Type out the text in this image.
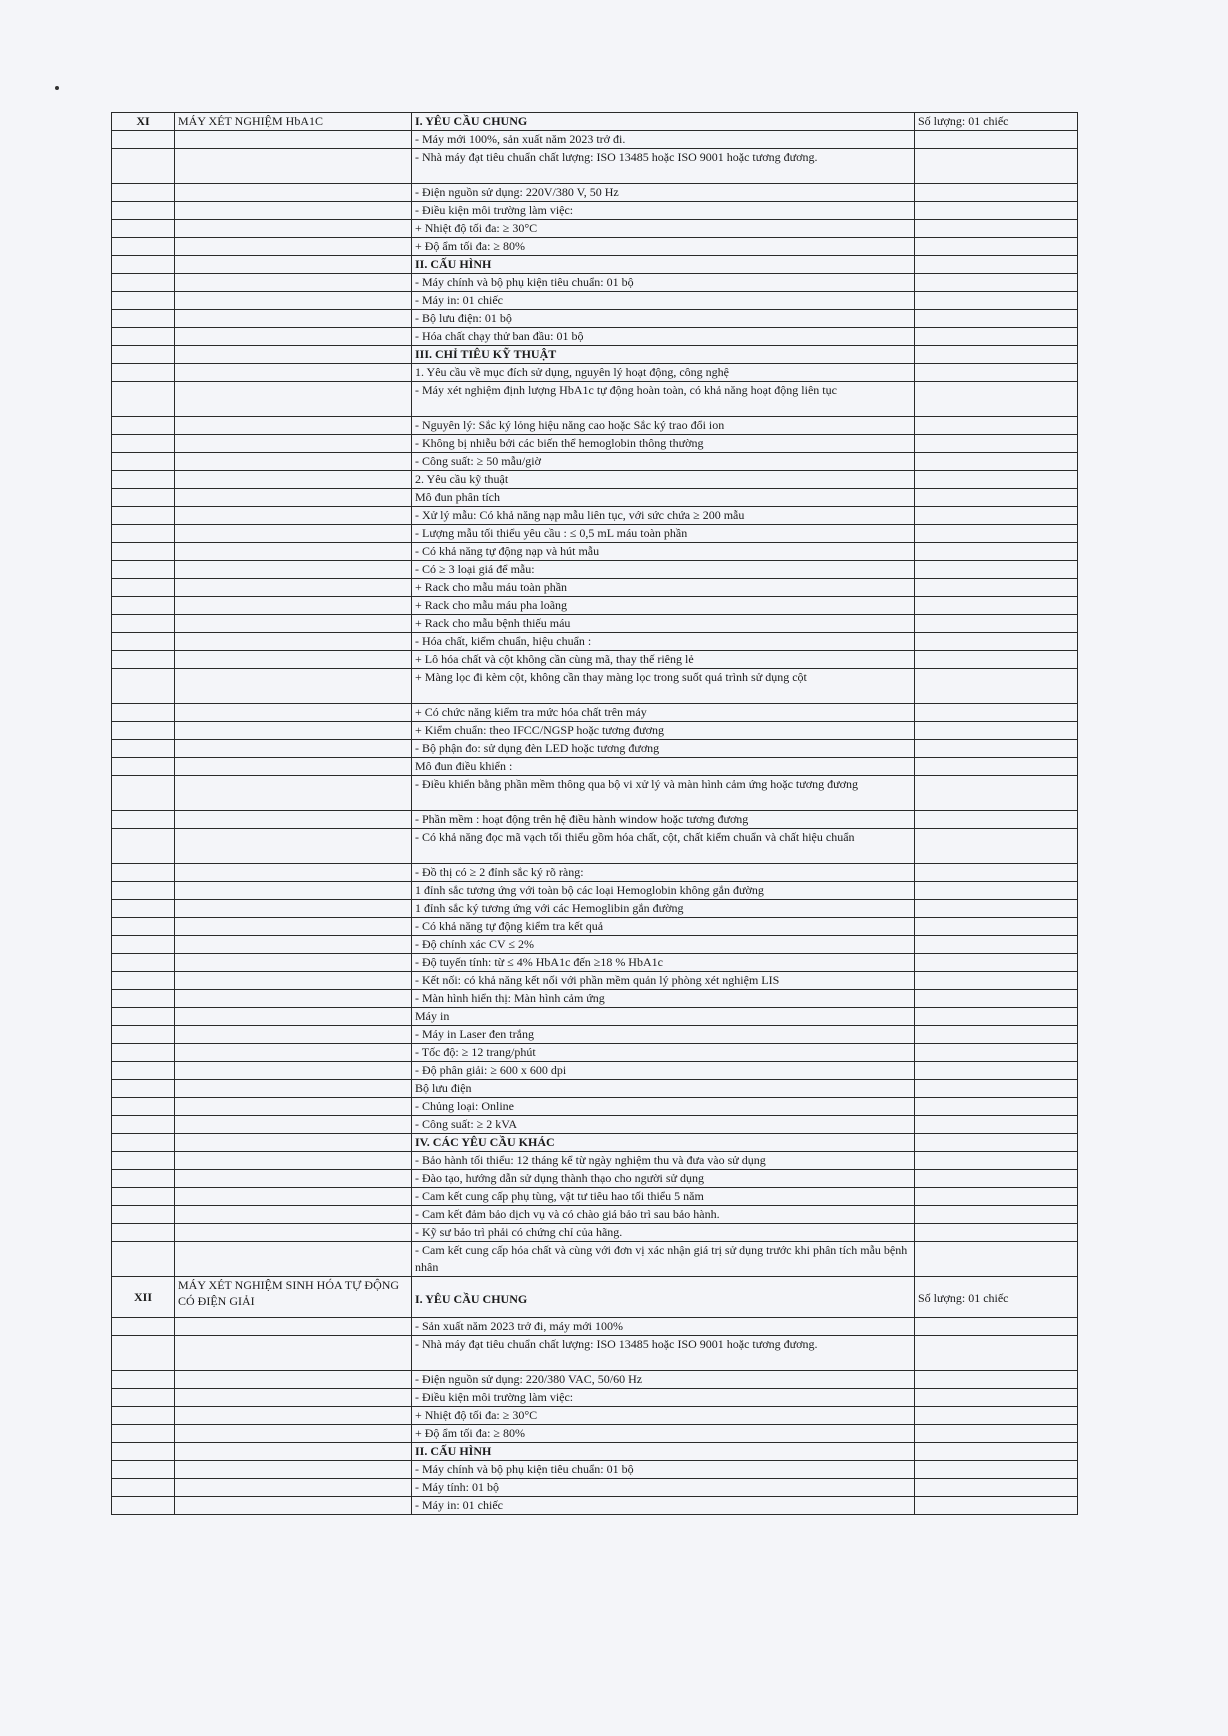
XI	MÁY XÉT NGHIỆM HbA1C	I. YÊU CẦU CHUNG	Số lượng: 01 chiếc
		- Máy mới 100%, sản xuất năm 2023 trở đi.	
		- Nhà máy đạt tiêu chuẩn chất lượng: ISO 13485 hoặc ISO 9001 hoặc tương đương.	
		- Điện nguồn sử dụng: 220V/380 V, 50 Hz	
		- Điều kiện môi trường làm việc:	
		+ Nhiệt độ tối đa: ≥ 30°C	
		+ Độ ẩm tối đa: ≥ 80%	
		II. CẤU HÌNH	
		- Máy chính và bộ phụ kiện tiêu chuẩn: 01 bộ	
		- Máy in: 01 chiếc	
		- Bộ lưu điện: 01 bộ	
		- Hóa chất chạy thử ban đầu: 01 bộ	
		III. CHỈ TIÊU KỸ THUẬT	
		1. Yêu cầu về mục đích sử dụng, nguyên lý hoạt động, công nghệ	
		- Máy xét nghiệm định lượng HbA1c tự động hoàn toàn, có khả năng hoạt động liên tục	
		- Nguyên lý: Sắc ký lỏng hiệu năng cao hoặc Sắc ký trao đổi ion	
		- Không bị nhiễu bởi các biến thể hemoglobin thông thường	
		- Công suất: ≥ 50 mẫu/giờ	
		2. Yêu cầu kỹ thuật	
		Mô đun phân tích	
		- Xử lý mẫu: Có khả năng nạp mẫu liên tục, với sức chứa ≥ 200 mẫu	
		- Lượng mẫu tối thiểu yêu cầu : ≤ 0,5 mL máu toàn phần	
		- Có khả năng tự động nạp và hút mẫu	
		- Có ≥ 3 loại giá để mẫu:	
		+ Rack cho mẫu máu toàn phần	
		+ Rack cho mẫu máu pha loãng	
		+ Rack cho mẫu bệnh thiếu máu	
		- Hóa chất, kiểm chuẩn, hiệu chuẩn :	
		+ Lô hóa chất và cột không cần cùng mã, thay thế riêng lẻ	
		+ Màng lọc đi kèm cột, không cần thay màng lọc trong suốt quá trình sử dụng cột	
		+ Có chức năng kiểm tra mức hóa chất trên máy	
		+ Kiểm chuẩn: theo IFCC/NGSP hoặc tương đương	
		- Bộ phận đo: sử dụng đèn LED hoặc tương đương	
		Mô đun điều khiển :	
		- Điều khiển bằng phần mềm thông qua bộ vi xử lý và màn hình cảm ứng hoặc tương đương	
		- Phần mềm : hoạt động trên hệ điều hành window hoặc tương đương	
		- Có khả năng đọc mã vạch tối thiểu gồm hóa chất, cột, chất kiểm chuẩn và chất hiệu chuẩn	
		- Đồ thị có ≥ 2 đỉnh sắc ký rõ ràng:	
		1 đỉnh sắc tương ứng với toàn bộ các loại Hemoglobin không gắn đường	
		1 đỉnh sắc ký tương ứng với các Hemoglibin gắn đường	
		- Có khả năng tự động kiểm tra kết quả	
		- Độ chính xác CV ≤ 2%	
		- Độ tuyến tính: từ ≤ 4% HbA1c đến ≥18 % HbA1c	
		- Kết nối: có khả năng kết nối với phần mềm quản lý phòng xét nghiệm LIS	
		- Màn hình hiển thị: Màn hình cảm ứng	
		Máy in	
		- Máy in Laser đen trắng	
		- Tốc độ: ≥ 12 trang/phút	
		- Độ phân giải: ≥ 600 x 600 dpi	
		Bộ lưu điện	
		- Chủng loại: Online	
		- Công suất: ≥ 2 kVA	
		IV. CÁC YÊU CẦU KHÁC	
		- Bảo hành tối thiểu: 12 tháng kể từ ngày nghiệm thu và đưa vào sử dụng	
		- Đào tạo, hướng dẫn sử dụng thành thạo cho người sử dụng	
		- Cam kết cung cấp phụ tùng, vật tư tiêu hao tối thiểu 5 năm	
		- Cam kết đảm bảo dịch vụ và có chào giá bảo trì sau bảo hành.	
		- Kỹ sư bảo trì phải có chứng chỉ của hãng.	
		- Cam kết cung cấp hóa chất và cùng với đơn vị xác nhận giá trị sử dụng trước khi phân tích mẫu bệnh nhân	
XII	MÁY XÉT NGHIỆM SINH HÓA TỰ ĐỘNG CÓ ĐIỆN GIẢI	I. YÊU CẦU CHUNG	Số lượng: 01 chiếc
		- Sản xuất năm 2023 trở đi, máy mới 100%	
		- Nhà máy đạt tiêu chuẩn chất lượng: ISO 13485 hoặc ISO 9001 hoặc tương đương.	
		- Điện nguồn sử dụng: 220/380 VAC, 50/60 Hz	
		- Điều kiện môi trường làm việc:	
		+ Nhiệt độ tối đa: ≥ 30°C	
		+ Độ ẩm tối đa: ≥ 80%	
		II. CẤU HÌNH	
		- Máy chính và bộ phụ kiện tiêu chuẩn: 01 bộ	
		- Máy tính: 01 bộ	
		- Máy in: 01 chiếc	
